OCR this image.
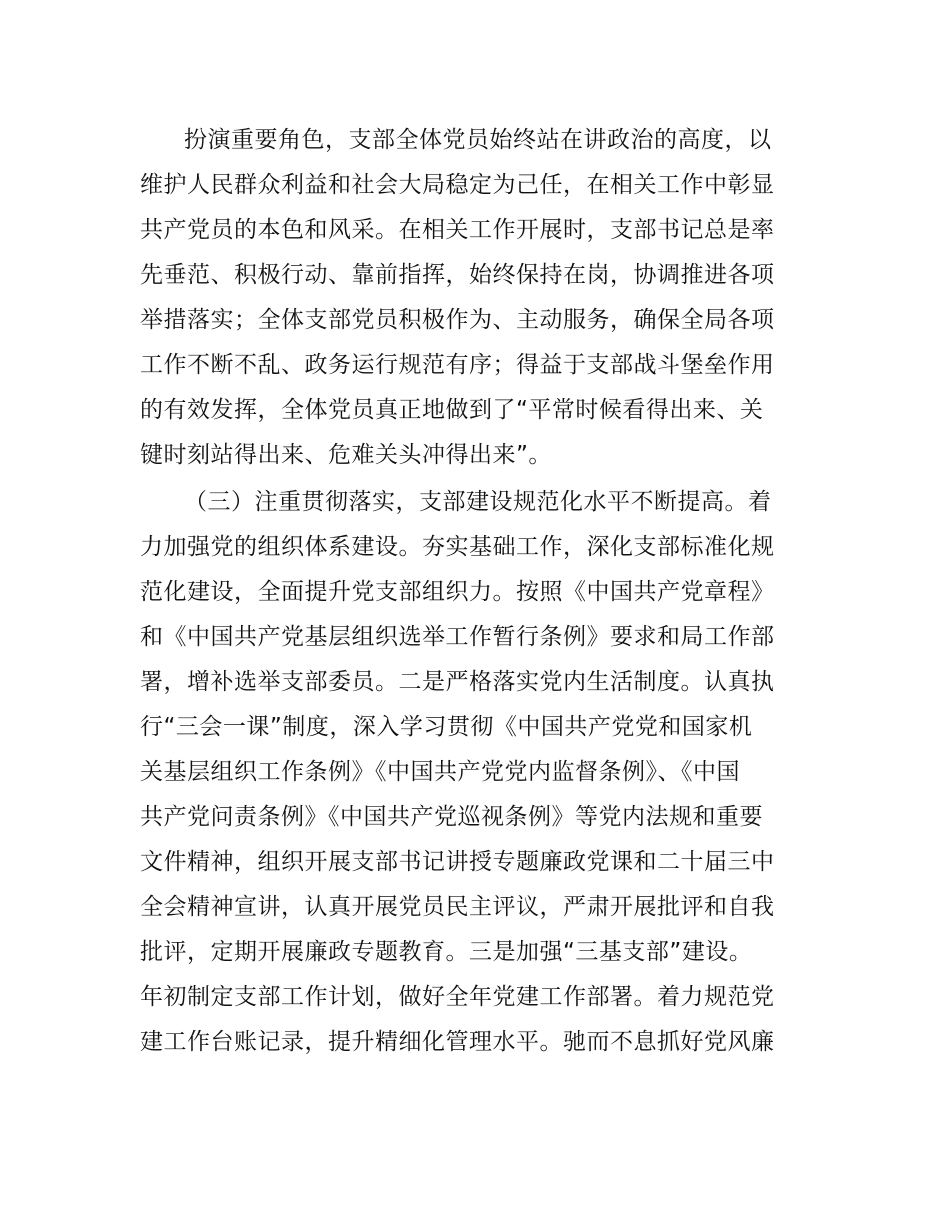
扮演重要角色，支部全体党员始终站在讲政治的高度，以
维护人民群众利益和社会大局稳定为己任，在相关工作中彰显
共产党员的本色和风采。在相关工作开展时，支部书记总是率
先垂范、积极行动、靠前指挥，始终保持在岗，协调推进各项
举措落实；全体支部党员积极作为、主动服务，确保全局各项
工作不断不乱、政务运行规范有序；得益于支部战斗堡垒作用
的有效发挥，全体党员真正地做到了“平常时候看得出来、关
键时刻站得出来、危难关头冲得出来”。
（三）注重贯彻落实，支部建设规范化水平不断提高。着
力加强党的组织体系建设。夯实基础工作，深化支部标准化规
范化建设，全面提升党支部组织力。按照《中国共产党章程》
和《中国共产党基层组织选举工作暂行条例》要求和局工作部
署，增补选举支部委员。二是严格落实党内生活制度。认真执
行“三会一课”制度，深入学习贯彻《中国共产党党和国家机
关基层组织工作条例》《中国共产党党内监督条例》、《中国
共产党问责条例》《中国共产党巡视条例》等党内法规和重要
文件精神，组织开展支部书记讲授专题廉政党课和二十届三中
全会精神宣讲，认真开展党员民主评议，严肃开展批评和自我
批评，定期开展廉政专题教育。三是加强“三基支部”建设。
年初制定支部工作计划，做好全年党建工作部署。着力规范党
建工作台账记录，提升精细化管理水平。驰而不息抓好党风廉
